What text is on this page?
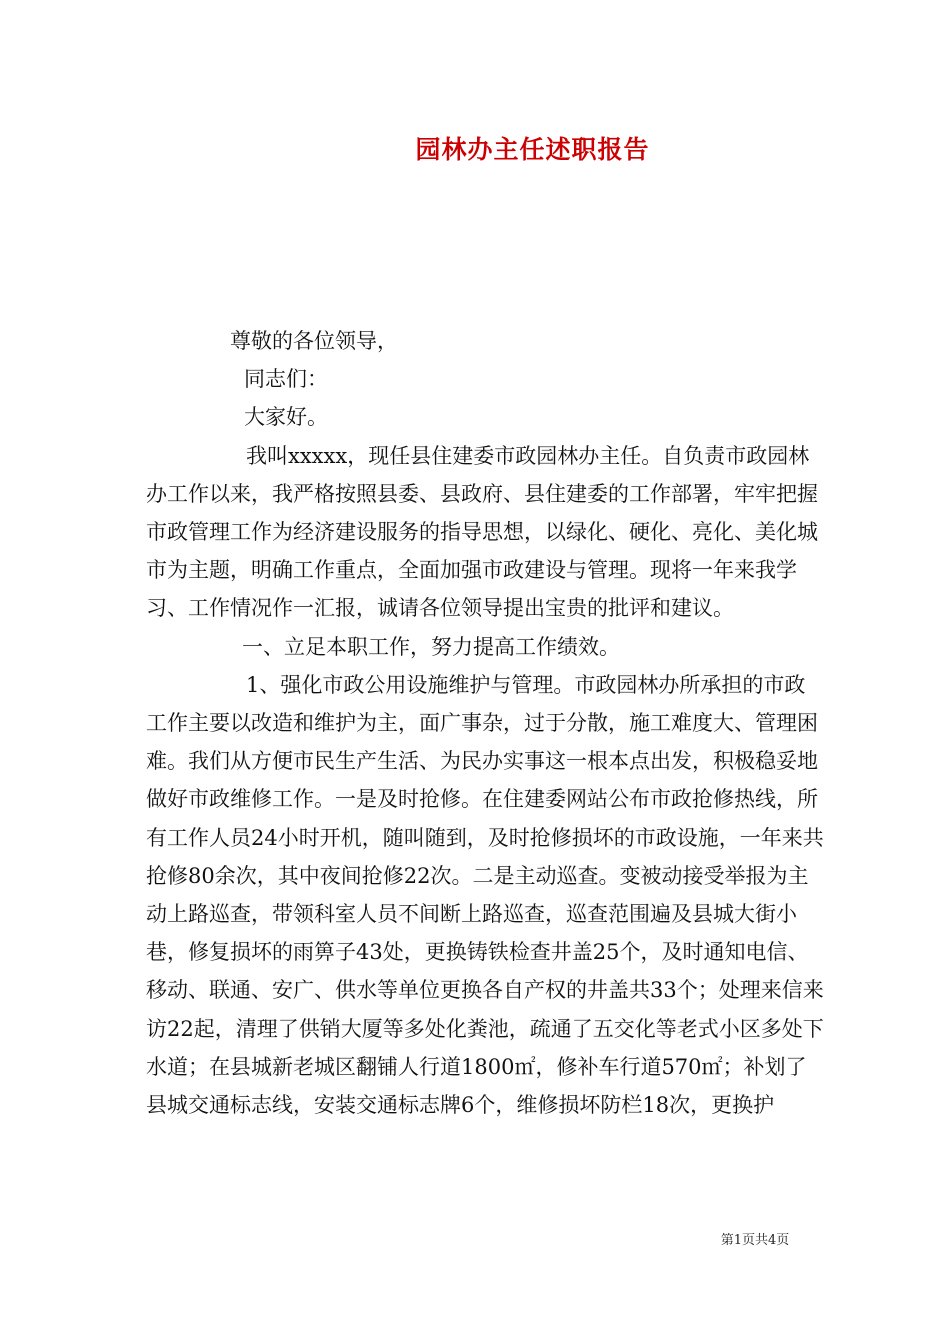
园林办主任述职报告

尊敬的各位领导，

同志们：

大家好。

我叫xxxxx，现任县住建委市政园林办主任。自负责市政园林办工作以来，我严格按照县委、县政府、县住建委的工作部署，牢牢把握市政管理工作为经济建设服务的指导思想，以绿化、硬化、亮化、美化城市为主题，明确工作重点，全面加强市政建设与管理。现将一年来我学习、工作情况作一汇报，诚请各位领导提出宝贵的批评和建议。

一、立足本职工作，努力提高工作绩效。

1、强化市政公用设施维护与管理。市政园林办所承担的市政工作主要以改造和维护为主，面广事杂，过于分散，施工难度大、管理困难。我们从方便市民生产生活、为民办实事这一根本点出发，积极稳妥地做好市政维修工作。一是及时抢修。在住建委网站公布市政抢修热线，所有工作人员24小时开机，随叫随到，及时抢修损坏的市政设施，一年来共抢修80余次，其中夜间抢修22次。二是主动巡查。变被动接受举报为主动上路巡查，带领科室人员不间断上路巡查，巡查范围遍及县城大街小巷，修复损坏的雨箅子43处，更换铸铁检查井盖25个，及时通知电信、移动、联通、安广、供水等单位更换各自产权的井盖共33个；处理来信来访22起，清理了供销大厦等多处化粪池，疏通了五交化等老式小区多处下水道；在县城新老城区翻铺人行道1800㎡，修补车行道570㎡；补划了县城交通标志线，安装交通标志牌6个，维修损坏防栏18次，更换护

第1页共4页
